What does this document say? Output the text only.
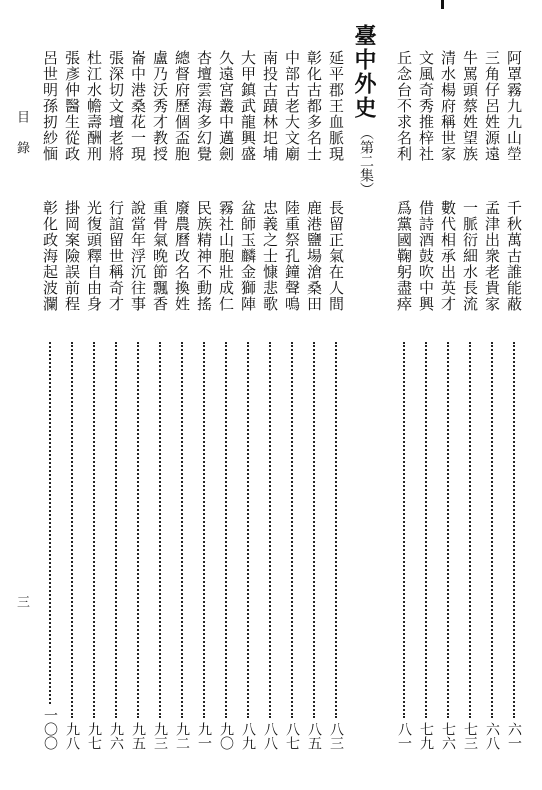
臺中外史
（第二集）
目錄
三
阿罩霧九九山塋
六一
三角仔呂姓源遠
六八
牛罵頭蔡姓望族
七三
清水楊府稱世家
七六
文風奇秀推梓社
七九
丘念台不求名利
八一
千秋萬古誰能蔽
孟津出衆老貴家
一脈衍細水長流
數代相承出英才
借詩酒鼓吹中興
爲黨國鞠躬盡瘁
延平郡王血脈現
八三
彰化古都多名士
八五
中部古老大文廟
八七
南投古蹟林圯埔
八八
大甲鎮武龍興盛
八九
久遠宮叢中邁劍
九〇
杏壇雲海多幻覺
九一
總督府歷個盃胞
九二
盧乃沃秀才教授
九三
崙中港桑花一現
九五
張深切文壇老將
九六
杜江水幨壽酬刑
九七
張彥仲醫生從政
九八
呂世明孫扨紗愐
一〇〇
長留正氣在人間
鹿港鹽場滄桑田
陸重祭孔鐘聲鳴
忠義之士慷悲歌
盆師玉麟金獅陣
霧社山胞壯成仁
民族精神不動搖
廢農曆改名換姓
重骨氣晚節飄香
說當年浮沉往事
行誼留世稱奇才
光復頭釋自由身
掛岡案險誤前程
彰化政海起波瀾
